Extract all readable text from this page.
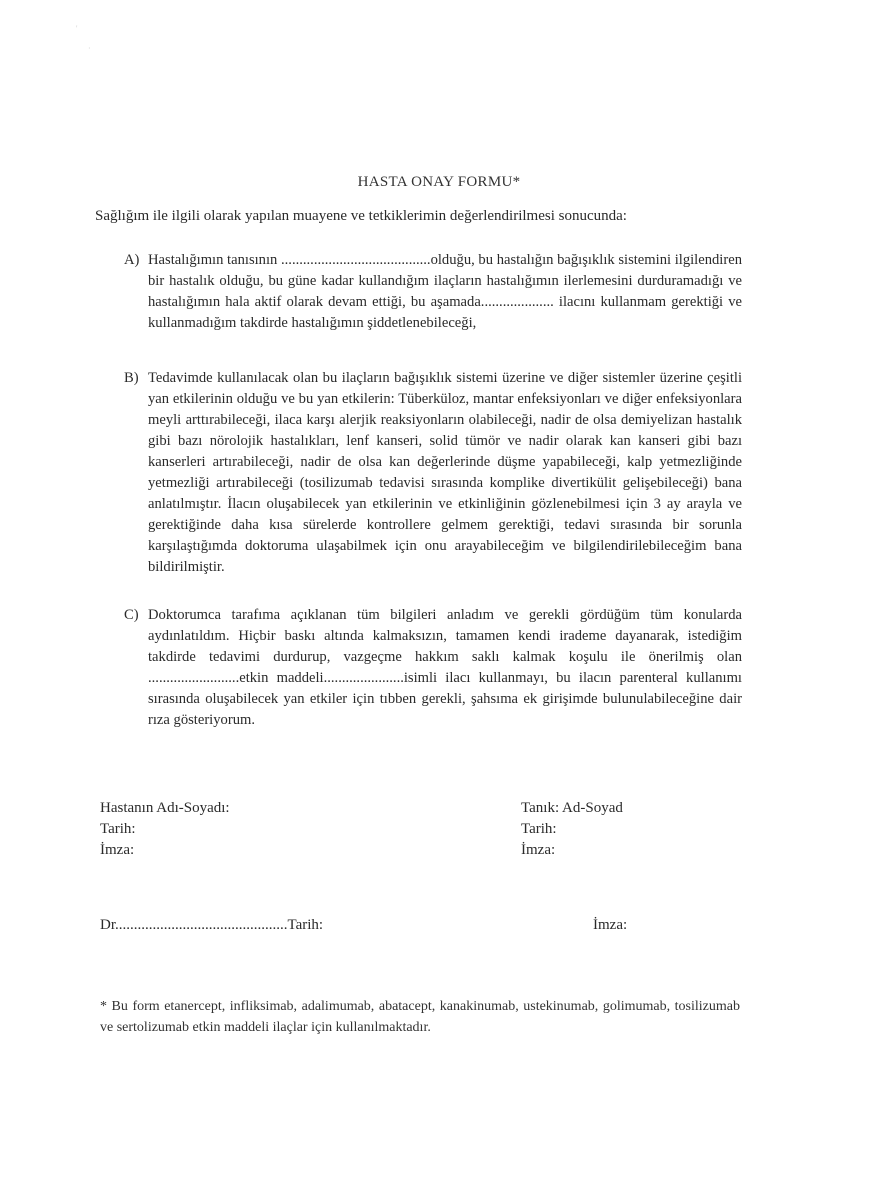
HASTA ONAY FORMU*
Sağlığım ile ilgili olarak yapılan muayene ve tetkiklerimin değerlendirilmesi sonucunda:
A) Hastalığımın tanısının .........................................olduğu, bu hastalığın bağışıklık sistemini ilgilendiren bir hastalık olduğu, bu güne kadar kullandığım ilaçların hastalığımın ilerlemesini durduramadığı ve hastalığımın hala aktif olarak devam ettiği, bu aşamada.................... ilacını kullanmam gerektiği ve kullanmadığım takdirde hastalığımın şiddetlenebileceği,
B) Tedavimde kullanılacak olan bu ilaçların bağışıklık sistemi üzerine ve diğer sistemler üzerine çeşitli yan etkilerinin olduğu ve bu yan etkilerin: Tüberküloz, mantar enfeksiyonları ve diğer enfeksiyonlara meyli arttırabileceği, ilaca karşı alerjik reaksiyonların olabileceği, nadir de olsa demiyelizan hastalık gibi bazı nörolojik hastalıkları, lenf kanseri, solid tümör ve nadir olarak kan kanseri gibi bazı kanserleri artırabileceği, nadir de olsa kan değerlerinde düşme yapabileceği, kalp yetmezliğinde yetmezliği artırabileceği (tosilizumab tedavisi sırasında komplike divertikülit gelişebileceği) bana anlatılmıştır. İlacın oluşabilecek yan etkilerinin ve etkinliğinin gözlenebilmesi için 3 ay arayla ve gerektiğinde daha kısa sürelerde kontrollere gelmem gerektiği, tedavi sırasında bir sorunla karşılaştığımda doktoruma ulaşabilmek için onu arayabileceğim ve bilgilendirilebileceğim bana bildirilmiştir.
C) Doktorumca tarafıma açıklanan tüm bilgileri anladım ve gerekli gördüğüm tüm konularda aydınlatıldım. Hiçbir baskı altında kalmaksızın, tamamen kendi irademe dayanarak, istediğim takdirde tedavimi durdurup, vazgeçme hakkım saklı kalmak koşulu ile önerilmiş olan .........................etkin maddeli......................isimli ilacı kullanmayı, bu ilacın parenteral kullanımı sırasında oluşabilecek yan etkiler için tıbben gerekli, şahsıma ek girişimde bulunulabileceğine dair rıza gösteriyorum.
Hastanın Adı-Soyadı:
Tarih:
İmza:
Tanık: Ad-Soyad
Tarih:
İmza:
Dr..............................................Tarih:	İmza:
* Bu form etanercept, infliksimab, adalimumab, abatacept, kanakinumab, ustekinumab, golimumab, tosilizumab ve sertolizumab etkin maddeli ilaçlar için kullanılmaktadır.
'
·
